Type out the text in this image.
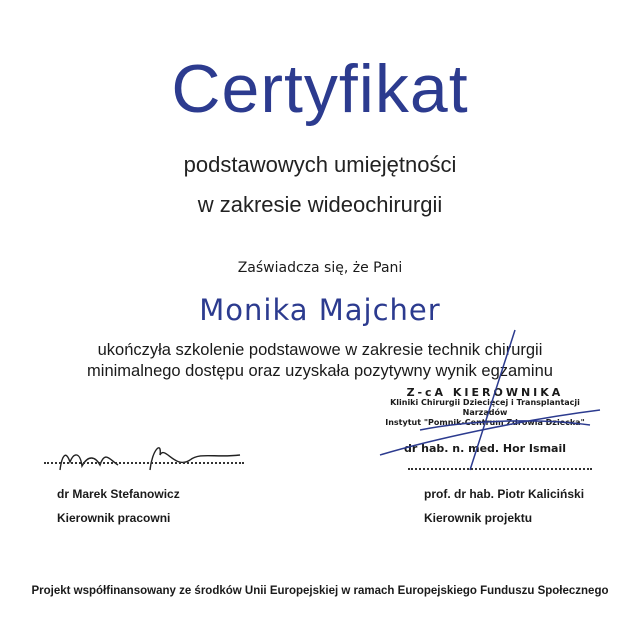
Certyfikat
podstawowych umiejętności
w zakresie wideochirurgii
Zaświadcza się, że Pani
Monika Majcher
ukończyła szkolenie podstawowe w zakresie technik chirurgii
minimalnego dostępu oraz uzyskała pozytywny wynik egzaminu
Z-cA KIEROWNIKA
Kliniki Chirurgii Dziecięcej i Transplantacji Narządów
Instytut "Pomnik-Centrum Zdrowia Dziecka"
dr hab. n. med. Hor Ismail
dr Marek Stefanowicz
Kierownik pracowni
prof. dr hab. Piotr Kaliciński
Kierownik projektu
Projekt współfinansowany ze środków Unii Europejskiej w ramach Europejskiego Funduszu Społecznego
